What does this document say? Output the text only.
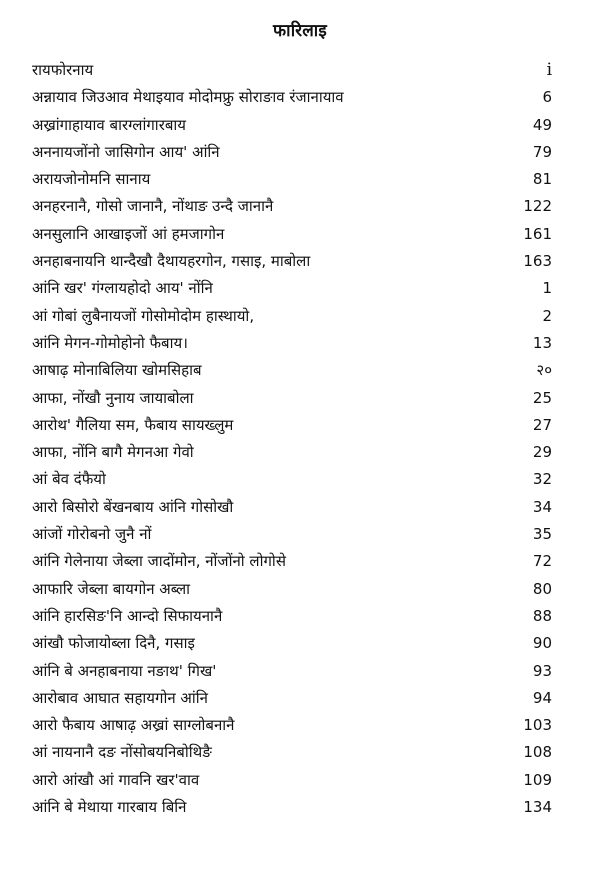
फारिलाइ
रायफोरनाय	i
अन्नायाव जिउआव मेथाइयाव मोदोमफ्रु सोराङाव रंजानायाव	6
अख्रांगाहायाव बारग्लांगारबाय	49
अननायजोंनो जासिगोन आय' आंनि	79
अरायजोनोमनि सानाय	81
अनहरनानै, गोसो जानानै, नोंथाङ उन्दै जानानै	122
अनसुलानि आखाइजों आं हमजागोन	161
अनहाबनायनि थान्दैखौ दैथायहरगोन, गसाइ, माबोला	163
आंनि खर' गंग्लायहोदो आय' नोंनि	1
आं गोबां लुबैनायजों गोसोमोदोम हास्थायो,	2
आंनि मेगन-गोमोहोनो फैबाय।	13
आषाढ़ मोनाबिलिया खोमसिहाब	२०
आफा, नोंखौ नुनाय जायाबोला	25
आरोथ' गैलिया सम, फैबाय सायख्लुम	27
आफा, नोंनि बागै मेगनआ गेवो	29
आं बेव दंफैयो	32
आरो बिसोरो बेंखनबाय आंनि गोसोखौ	34
आंजों गोरोबनो जुनै नों	35
आंनि गेलेनाया जेब्ला जादोंमोन, नोंजोंनो लोगोसे	72
आफारि जेब्ला बायगोन अब्ला	80
आंनि हारसिङ'नि आन्दो सिफायनानै	88
आंखौ फोजायोब्ला दिनै, गसाइ	90
आंनि बे अनहाबनाया नङाथ' गिख'	93
आरोबाव आघात सहायगोन आंनि	94
आरो फैबाय आषाढ़ अख्रां साग्लोबनानै	103
आं नायनानै दङ नोंसोबयनिबोथिङै	108
आरो आंखौ आं गावनि खर'वाव	109
आंनि बे मेथाया गारबाय बिनि	134
